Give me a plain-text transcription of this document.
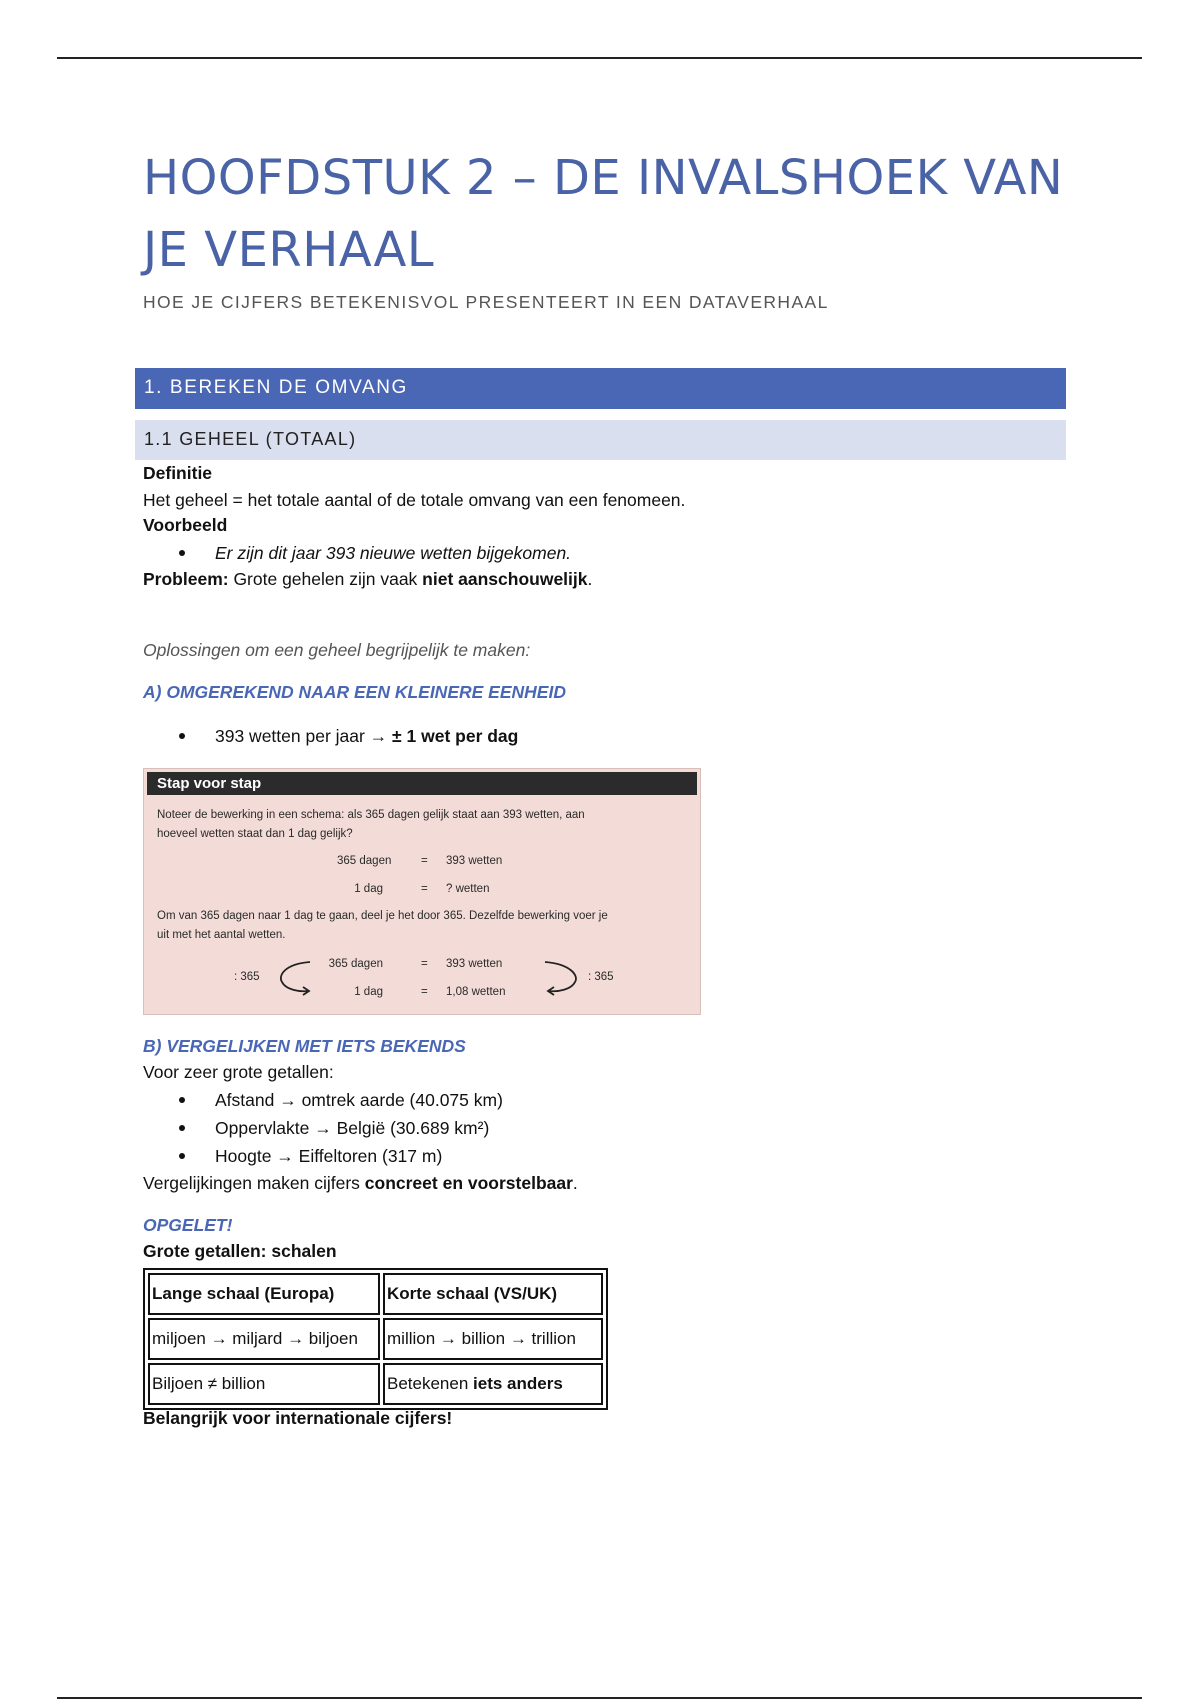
HOOFDSTUK 2 – DE INVALSHOEK VAN
JE VERHAAL
HOE JE CIJFERS BETEKENISVOL PRESENTEERT IN EEN DATAVERHAAL
1. BEREKEN DE OMVANG
1.1 GEHEEL (TOTAAL)
Definitie
Het geheel = het totale aantal of de totale omvang van een fenomeen.
Voorbeeld
Er zijn dit jaar 393 nieuwe wetten bijgekomen.
Probleem: Grote gehelen zijn vaak niet aanschouwelijk.
Oplossingen om een geheel begrijpelijk te maken:
A) OMGEREKEND NAAR EEN KLEINERE EENHEID
393 wetten per jaar → ± 1 wet per dag
Stap voor stap
Noteer de bewerking in een schema: als 365 dagen gelijk staat aan 393 wetten, aan
hoeveel wetten staat dan 1 dag gelijk?
365 dagen	= 393 wetten
1 dag	= ? wetten
Om van 365 dagen naar 1 dag te gaan, deel je het door 365. Dezelfde bewerking voer je
uit met het aantal wetten.
: 365
365 dagen	= 393 wetten
1 dag	= 1,08 wetten
: 365
B) VERGELIJKEN MET IETS BEKENDS
Voor zeer grote getallen:
Afstand → omtrek aarde (40.075 km)
Oppervlakte → België (30.689 km²)
Hoogte → Eiffeltoren (317 m)
Vergelijkingen maken cijfers concreet en voorstelbaar.
OPGELET!
Grote getallen: schalen
Lange schaal (Europa)	Korte schaal (VS/UK)
miljoen → miljard → biljoen	million → billion → trillion
Biljoen ≠ billion	Betekenen iets anders
Belangrijk voor internationale cijfers!
